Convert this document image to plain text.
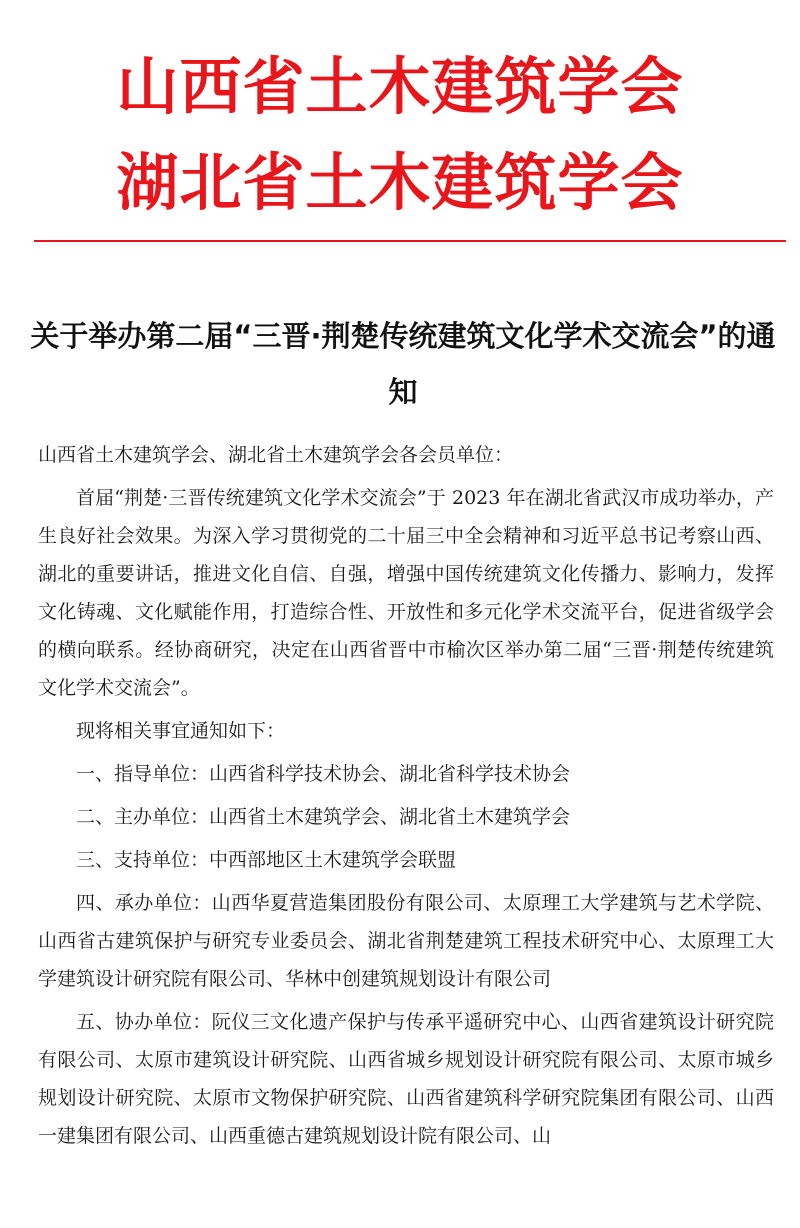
山西省土木建筑学会
湖北省土木建筑学会
关于举办第二届“三晋·荆楚传统建筑文化学术交流会”的通知

山西省土木建筑学会、湖北省土木建筑学会各会员单位：

首届“荆楚·三晋传统建筑文化学术交流会”于 2023 年在湖北省武汉市成功举办，产生良好社会效果。为深入学习贯彻党的二十届三中全会精神和习近平总书记考察山西、湖北的重要讲话，推进文化自信、自强，增强中国传统建筑文化传播力、影响力，发挥文化铸魂、文化赋能作用，打造综合性、开放性和多元化学术交流平台，促进省级学会的横向联系。经协商研究，决定在山西省晋中市榆次区举办第二届“三晋·荆楚传统建筑文化学术交流会”。

现将相关事宜通知如下：

一、指导单位：山西省科学技术协会、湖北省科学技术协会

二、主办单位：山西省土木建筑学会、湖北省土木建筑学会

三、支持单位：中西部地区土木建筑学会联盟

四、承办单位：山西华夏营造集团股份有限公司、太原理工大学建筑与艺术学院、山西省古建筑保护与研究专业委员会、湖北省荆楚建筑工程技术研究中心、太原理工大学建筑设计研究院有限公司、华林中创建筑规划设计有限公司

五、协办单位：阮仪三文化遗产保护与传承平遥研究中心、山西省建筑设计研究院有限公司、太原市建筑设计研究院、山西省城乡规划设计研究院有限公司、太原市城乡规划设计研究院、太原市文物保护研究院、山西省建筑科学研究院集团有限公司、山西一建集团有限公司、山西重德古建筑规划设计院有限公司、山
